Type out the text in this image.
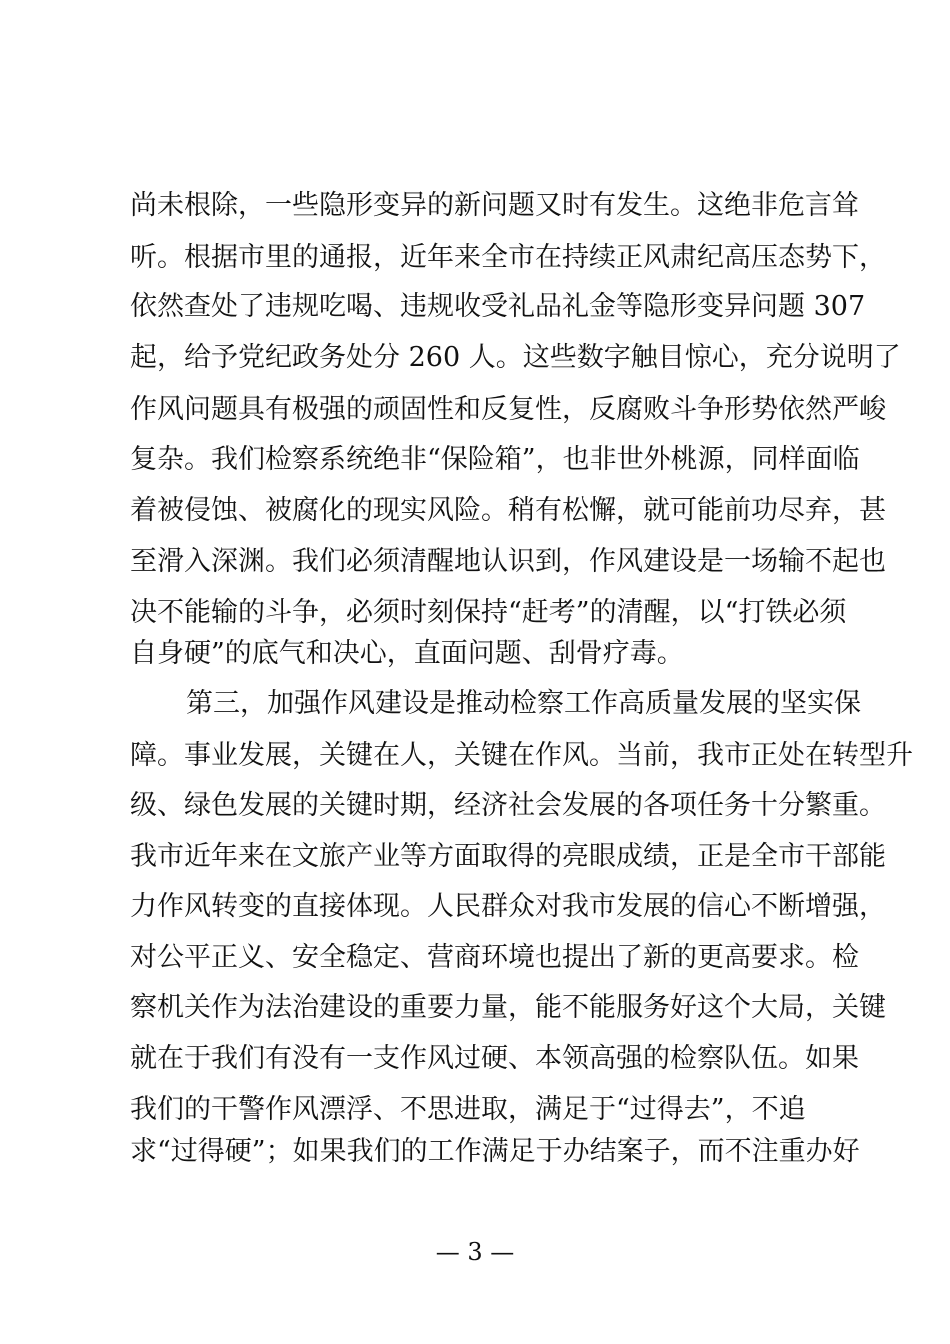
尚未根除，一些隐形变异的新问题又时有发生。这绝非危言耸
听。根据市里的通报，近年来全市在持续正风肃纪高压态势下，
依然查处了违规吃喝、违规收受礼品礼金等隐形变异问题 307
起，给予党纪政务处分 260 人。这些数字触目惊心，充分说明了
作风问题具有极强的顽固性和反复性，反腐败斗争形势依然严峻
复杂。我们检察系统绝非“保险箱”，也非世外桃源，同样面临
着被侵蚀、被腐化的现实风险。稍有松懈，就可能前功尽弃，甚
至滑入深渊。我们必须清醒地认识到，作风建设是一场输不起也
决不能输的斗争，必须时刻保持“赶考”的清醒，以“打铁必须
自身硬”的底气和决心，直面问题、刮骨疗毒。
第三，加强作风建设是推动检察工作高质量发展的坚实保
障。事业发展，关键在人，关键在作风。当前，我市正处在转型升
级、绿色发展的关键时期，经济社会发展的各项任务十分繁重。
我市近年来在文旅产业等方面取得的亮眼成绩，正是全市干部能
力作风转变的直接体现。人民群众对我市发展的信心不断增强，
对公平正义、安全稳定、营商环境也提出了新的更高要求。检
察机关作为法治建设的重要力量，能不能服务好这个大局，关键
就在于我们有没有一支作风过硬、本领高强的检察队伍。如果
我们的干警作风漂浮、不思进取，满足于“过得去”，不追
求“过得硬”；如果我们的工作满足于办结案子，而不注重办好
— 3 —
